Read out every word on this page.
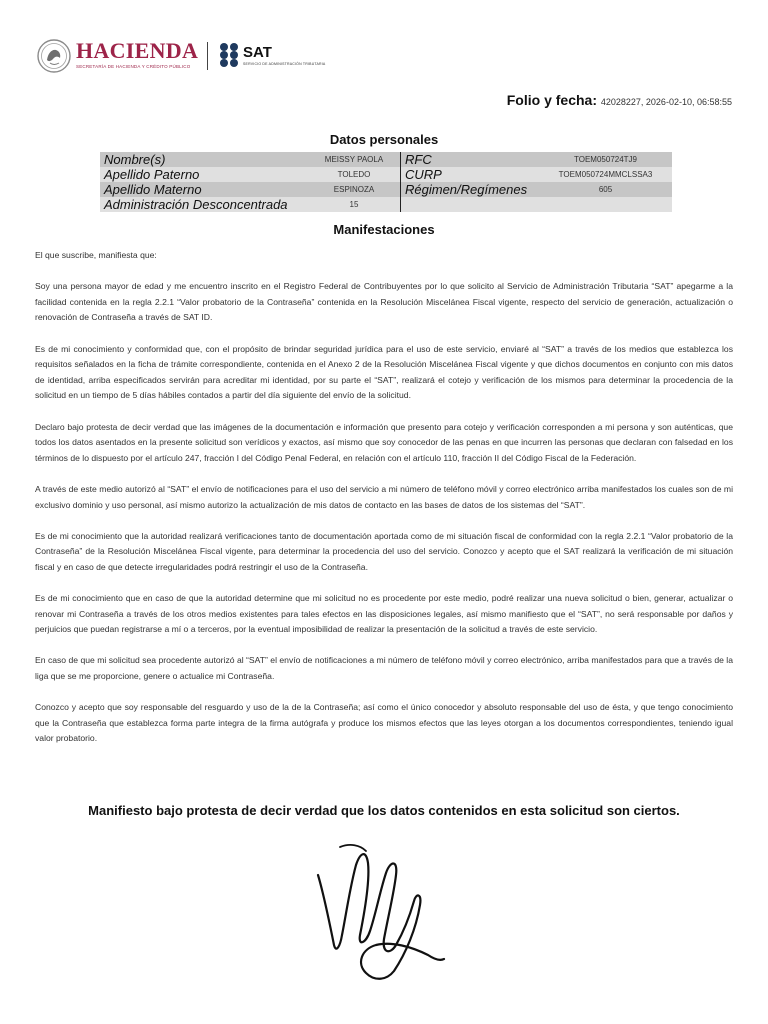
HACIENDA
SECRETARÍA DE HACIENDA Y CRÉDITO PÚBLICO
SAT
SERVICIO DE ADMINISTRACIÓN TRIBUTARIA
Folio y fecha: 42028227, 2026-02-10, 06:58:55
Datos personales
Nombre(s)	MEISSY PAOLA	RFC	TOEM050724TJ9
Apellido Paterno	TOLEDO	CURP	TOEM050724MMCLSSA3
Apellido Materno	ESPINOZA	Régimen/Regímenes	605
Administración Desconcentrada	15		
Manifestaciones

El que suscribe, manifiesta que:

Soy una persona mayor de edad y me encuentro inscrito en el Registro Federal de Contribuyentes por lo que solicito al Servicio de Administración Tributaria “SAT” apegarme a la facilidad contenida en la regla 2.2.1 “Valor probatorio de la Contraseña” contenida en la Resolución Miscelánea Fiscal vigente, respecto del servicio de generación, actualización o renovación de Contraseña a través de SAT ID.

Es de mi conocimiento y conformidad que, con el propósito de brindar seguridad jurídica para el uso de este servicio, enviaré al “SAT” a través de los medios que establezca los requisitos señalados en la ficha de trámite correspondiente, contenida en el Anexo 2 de la Resolución Miscelánea Fiscal vigente y que dichos documentos en conjunto con mis datos de identidad, arriba especificados servirán para acreditar mi identidad, por su parte el “SAT”, realizará el cotejo y verificación de los mismos para determinar la procedencia de la solicitud en un tiempo de 5 días hábiles contados a partir del día siguiente del envío de la solicitud.

Declaro bajo protesta de decir verdad que las imágenes de la documentación e información que presento para cotejo y verificación corresponden a mi persona y son auténticas, que todos los datos asentados en la presente solicitud son verídicos y exactos, así mismo que soy conocedor de las penas en que incurren las personas que declaran con falsedad en los términos de lo dispuesto por el artículo 247, fracción I del Código Penal Federal, en relación con el artículo 110, fracción II del Código Fiscal de la Federación.

A través de este medio autorizó al “SAT” el envío de notificaciones para el uso del servicio a mi número de teléfono móvil y correo electrónico arriba manifestados los cuales son de mi exclusivo dominio y uso personal, así mismo autorizo la actualización de mis datos de contacto en las bases de datos de los sistemas del “SAT”.

Es de mi conocimiento que la autoridad realizará verificaciones tanto de documentación aportada como de mi situación fiscal de conformidad con la regla 2.2.1 “Valor probatorio de la Contraseña” de la Resolución Miscelánea Fiscal vigente, para determinar la procedencia del uso del servicio. Conozco y acepto que el SAT realizará la verificación de mi situación fiscal y en caso de que detecte irregularidades podrá restringir el uso de la Contraseña.

Es de mi conocimiento que en caso de que la autoridad determine que mi solicitud no es procedente por este medio, podré realizar una nueva solicitud o bien, generar, actualizar o renovar mi Contraseña a través de los otros medios existentes para tales efectos en las disposiciones legales, así mismo manifiesto que el “SAT”, no será responsable por daños y perjuicios que puedan registrarse a mí o a terceros, por la eventual imposibilidad de realizar la presentación de la solicitud a través de este servicio.

En caso de que mi solicitud sea procedente autorizó al “SAT” el envío de notificaciones a mi número de teléfono móvil y correo electrónico, arriba manifestados para que a través de la liga que se me proporcione, genere o actualice mi Contraseña.

Conozco y acepto que soy responsable del resguardo y uso de la de la Contraseña; así como el único conocedor y absoluto responsable del uso de ésta, y que tengo conocimiento que la Contraseña que establezca forma parte integra de la firma autógrafa y produce los mismos efectos que las leyes otorgan a los documentos correspondientes, teniendo igual valor probatorio.

Manifiesto bajo protesta de decir verdad que los datos contenidos en esta solicitud son ciertos.
